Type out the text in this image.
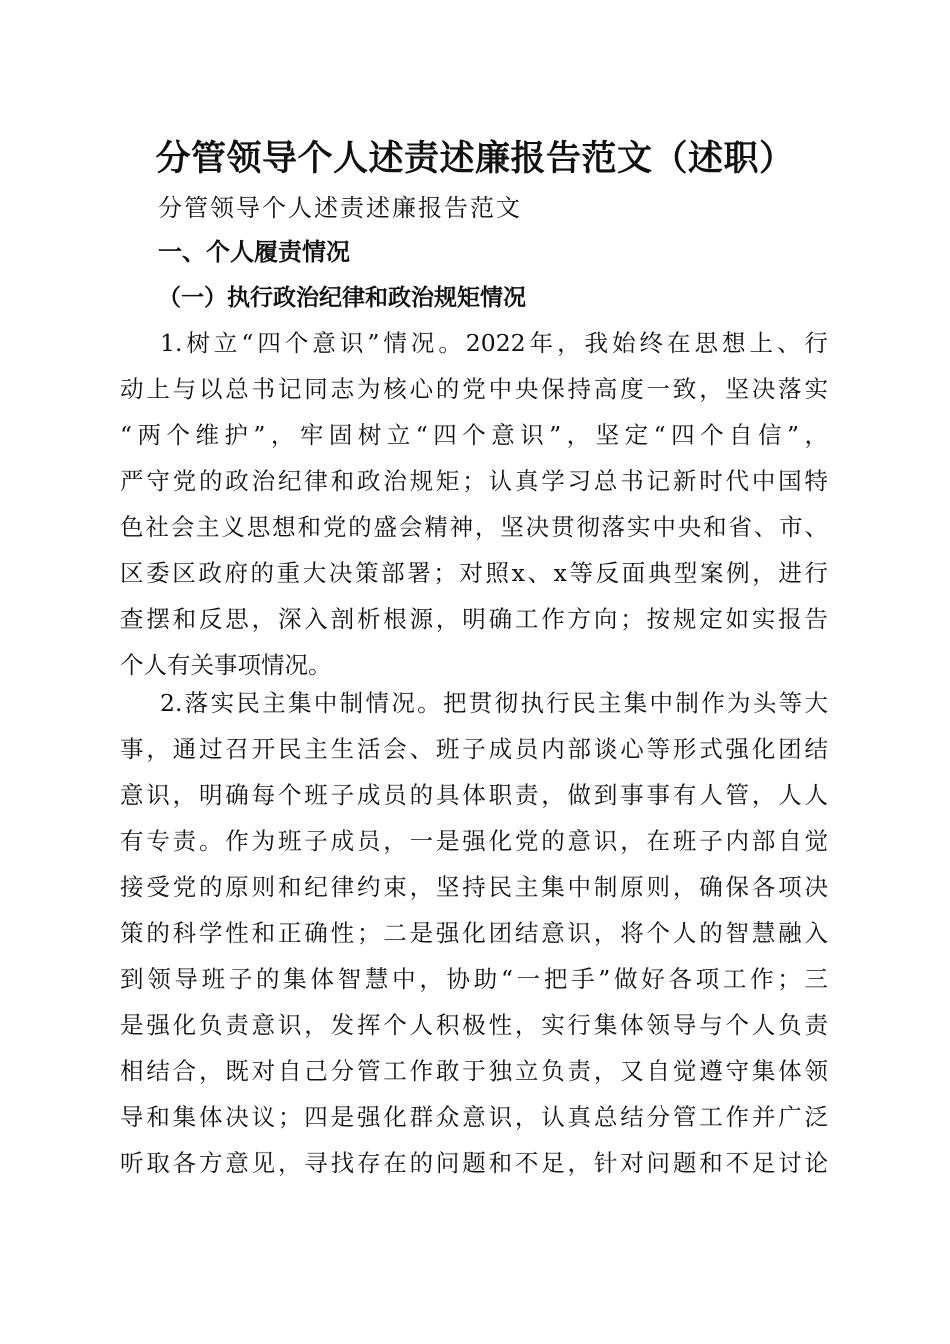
分管领导个人述责述廉报告范文（述职）

分管领导个人述责述廉报告范文

一、个人履责情况
（一）执行政治纪律和政治规矩情况
1.树立“四个意识”情况。2022年，我始终在思想上、行
动上与以总书记同志为核心的党中央保持高度一致，坚决落实
“两个维护”，牢固树立“四个意识”，坚定“四个自信”，
严守党的政治纪律和政治规矩；认真学习总书记新时代中国特
色社会主义思想和党的盛会精神，坚决贯彻落实中央和省、市、
区委区政府的重大决策部署；对照x、x等反面典型案例，进行
查摆和反思，深入剖析根源，明确工作方向；按规定如实报告
个人有关事项情况。
2.落实民主集中制情况。把贯彻执行民主集中制作为头等大
事，通过召开民主生活会、班子成员内部谈心等形式强化团结
意识，明确每个班子成员的具体职责，做到事事有人管，人人
有专责。作为班子成员，一是强化党的意识，在班子内部自觉
接受党的原则和纪律约束，坚持民主集中制原则，确保各项决
策的科学性和正确性；二是强化团结意识，将个人的智慧融入
到领导班子的集体智慧中，协助“一把手”做好各项工作；三
是强化负责意识，发挥个人积极性，实行集体领导与个人负责
相结合，既对自己分管工作敢于独立负责，又自觉遵守集体领
导和集体决议；四是强化群众意识，认真总结分管工作并广泛
听取各方意见，寻找存在的问题和不足，针对问题和不足讨论
